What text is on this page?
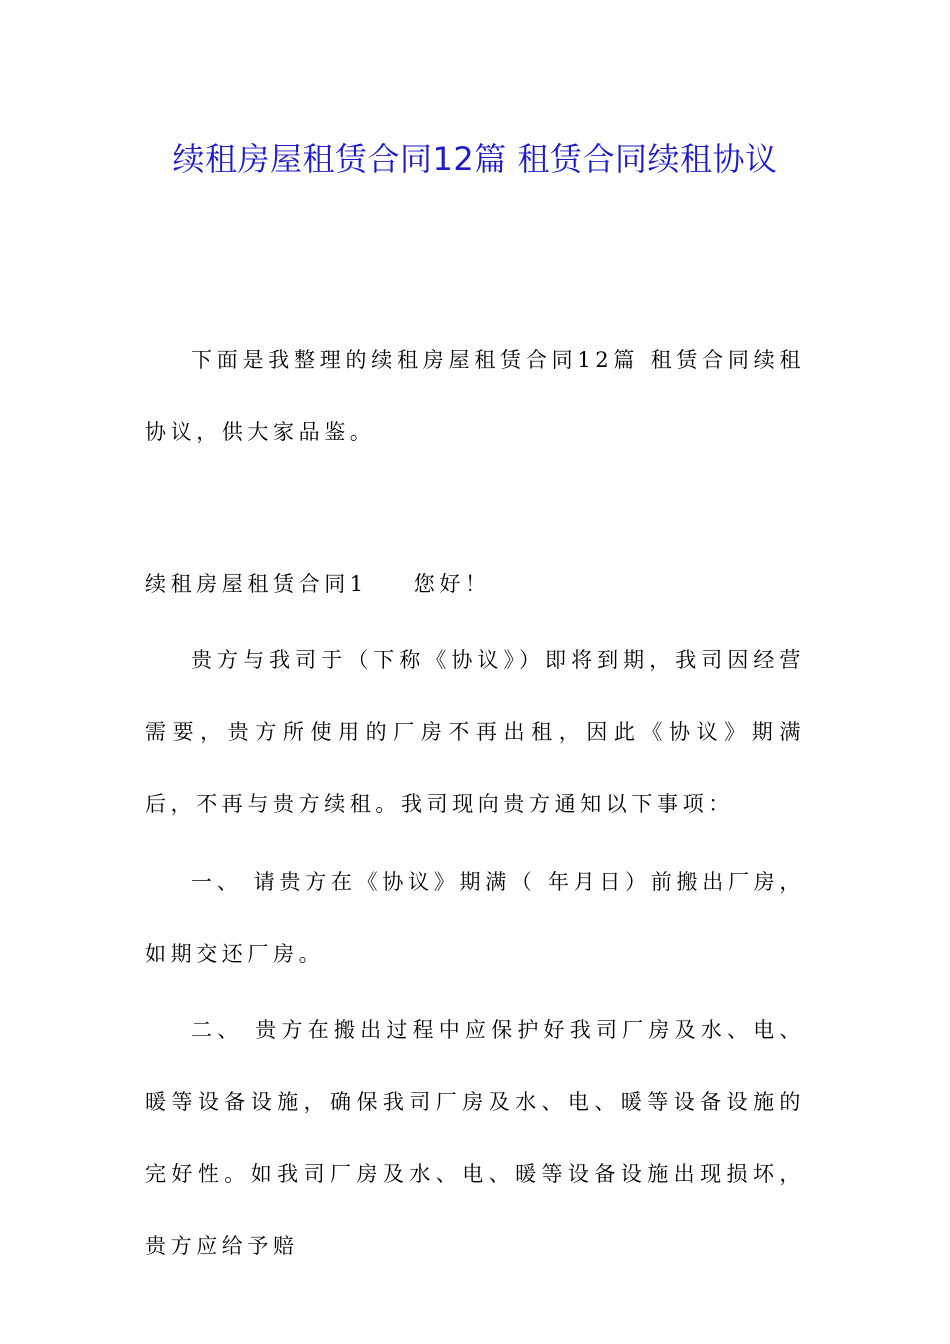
续租房屋租赁合同12篇 租赁合同续租协议

下面是我整理的续租房屋租赁合同12篇 租赁合同续租协议，供大家品鉴。

续租房屋租赁合同1 您好！

贵方与我司于（下称《协议》）即将到期，我司因经营需要，贵方所使用的厂房不再出租，因此《协议》期满后，不再与贵方续租。我司现向贵方通知以下事项：

一、 请贵方在《协议》期满（ 年月日）前搬出厂房，如期交还厂房。

二、 贵方在搬出过程中应保护好我司厂房及水、电、暖等设备设施，确保我司厂房及水、电、暖等设备设施的完好性。如我司厂房及水、电、暖等设备设施出现损坏，贵方应给予赔
